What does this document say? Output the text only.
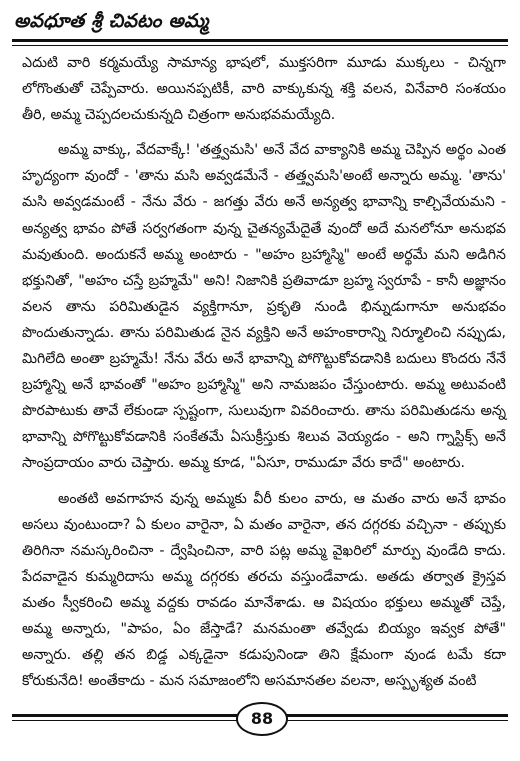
అవధూత శ్రీ చివటం అమ్మ

ఎదుటి వారి కర్మమయ్యే సామాన్య భాషలో, ముక్తసరిగా మూడు ముక్కలు - చిన్నగా లోగొంతుతో చెప్పేవారు. అయినప్పటికీ, వారి వాక్కుకున్న శక్తి వలన, వినేవారి సంశయం తీరి, అమ్మ చెప్పదలచుకున్నది చిత్రంగా అనుభవమయ్యేది.

అమ్మ వాక్కు, వేదవాక్కే! 'తత్త్వమసి' అనే వేద వాక్యానికి అమ్మ చెప్పిన అర్థం ఎంత హృద్యంగా వుందో - 'తాను మసి అవ్వడమేనే - తత్త్వమసి'అంటే అన్నారు అమ్మ. 'తాను' మసి అవ్వడమంటే - నేను వేరు - జగత్తు వేరు అనే అన్యత్వ భావాన్ని కాల్చివేయమని - అన్యత్వ భావం పోతే సర్వగతంగా వున్న చైతన్యమేదైతే వుందో అదే మనలోనూ అనుభవ మవుతుంది. అందుకనే అమ్మ అంటారు - "అహం బ్రహ్మాస్మి" అంటే అర్థమే మని అడిగిన భక్తునితో, "అహం చస్తే బ్రహ్మమే" అని! నిజానికి ప్రతివాడూ బ్రహ్మ స్వరూపే - కానీ అజ్ఞానం వలన తాను పరిమితుడైన వ్యక్తిగానూ, ప్రకృతి నుండి భిన్నుడుగానూ అనుభవం పొందుతున్నాడు. తాను పరిమితుడ నైన వ్యక్తిని అనే అహంకారాన్ని నిర్మూలించి నప్పుడు, మిగిలేది అంతా బ్రహ్మమే! నేను వేరు అనే భావాన్ని పోగొట్టుకోవడానికి బదులు కొందరు నేనే బ్రహ్మాన్ని అనే భావంతో "అహం బ్రహ్మాస్మి" అని నామజపం చేస్తుంటారు. అమ్మ అటువంటి పొరపాటుకు తావే లేకుండా స్పష్టంగా, సులువుగా వివరించారు. తాను పరిమితుడను అన్న భావాన్ని పోగొట్టుకోవడానికి సంకేతమే ఏసుక్రీస్తుకు శిలువ వెయ్యడం - అని గ్నాస్టిక్స్ అనే సాంప్రదాయం వారు చెప్తారు. అమ్మ కూడ, "ఏసూ, రాముడూ వేరు కాదే" అంటారు.

అంతటి అవగాహన వున్న అమ్మకు వీరీ కులం వారు, ఆ మతం వారు అనే భావం అసలు వుంటుందా? ఏ కులం వారైనా, ఏ మతం వారైనా, తన దగ్గరకు వచ్చినా - తప్పుకు తిరిగినా నమస్కరించినా - ద్వేషించినా, వారి పట్ల అమ్మ వైఖరిలో మార్పు వుండేది కాదు. పేదవాడైన కుమ్మరిదాసు అమ్మ దగ్గరకు తరచు వస్తుండేవాడు. అతడు తర్వాత క్రైస్తవ మతం స్వీకరించి అమ్మ వద్దకు రావడం మానేశాడు. ఆ విషయం భక్తులు అమ్మతో చెప్తే, అమ్మ అన్నారు, "పాపం, ఏం జేస్తాడే? మనమంతా తవ్వేడు బియ్యం ఇవ్వక పోతే" అన్నారు. తల్లి తన బిడ్డ ఎక్కడైనా కడుపునిండా తిని క్షేమంగా వుండ టమే కదా కోరుకునేది! అంతేకాదు - మన సమాజంలోని అసమానతల వలనా, అస్పృశ్యత వంటి

88
